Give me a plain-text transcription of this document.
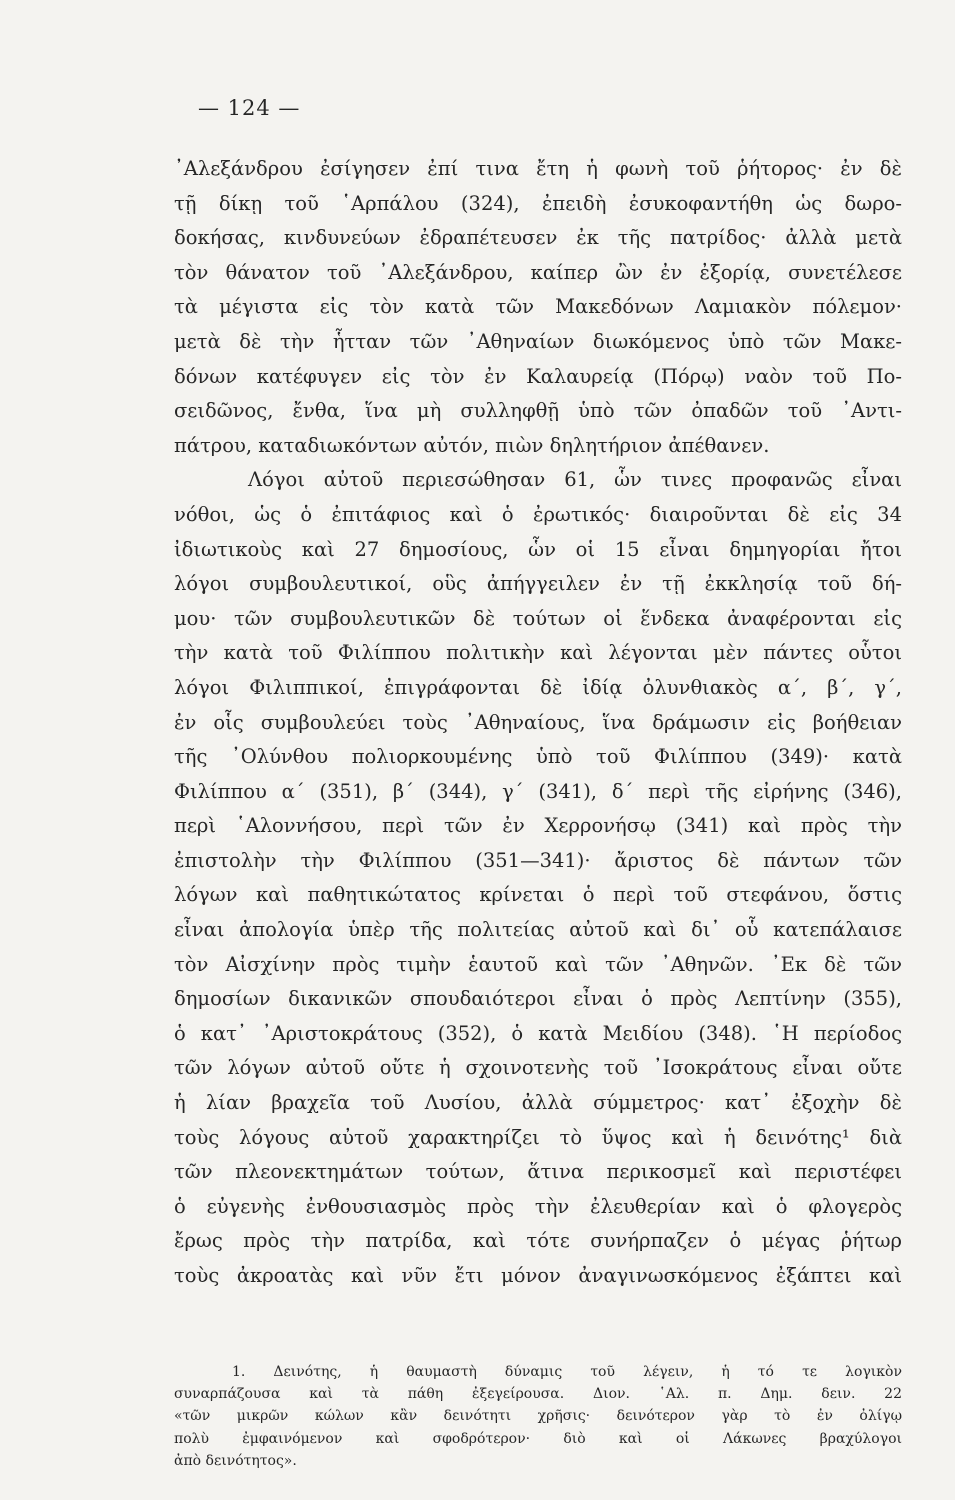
— 124 —
᾿Αλεξάνδρου ἐσίγησεν ἐπί τινα ἔτη ἡ φωνὴ τοῦ ῥήτορος· ἐν δὲ
τῇ δίκῃ τοῦ ῾Αρπάλου (324), ἐπειδὴ ἐσυκοφαντήθη ὡς δωρο-
δοκήσας, κινδυνεύων ἐδραπέτευσεν ἐκ τῆς πατρίδος· ἀλλὰ μετὰ
τὸν θάνατον τοῦ ᾿Αλεξάνδρου, καίπερ ὢν ἐν ἐξορίᾳ, συνετέλεσε
τὰ μέγιστα εἰς τὸν κατὰ τῶν Μακεδόνων Λαμιακὸν πόλεμον·
μετὰ δὲ τὴν ἧτταν τῶν ᾿Αθηναίων διωκόμενος ὑπὸ τῶν Μακε-
δόνων κατέφυγεν εἰς τὸν ἐν Καλαυρείᾳ (Πόρῳ) ναὸν τοῦ Πο-
σειδῶνος, ἔνθα, ἵνα μὴ συλληφθῇ ὑπὸ τῶν ὀπαδῶν τοῦ ᾿Αντι-
πάτρου, καταδιωκόντων αὐτόν, πιὼν δηλητήριον ἀπέθανεν.
Λόγοι αὐτοῦ περιεσώθησαν 61, ὧν τινες προφανῶς εἶναι
νόθοι, ὡς ὁ ἐπιτάφιος καὶ ὁ ἐρωτικός· διαιροῦνται δὲ εἰς 34
ἰδιωτικοὺς καὶ 27 δημοσίους, ὧν οἱ 15 εἶναι δημηγορίαι ἤτοι
λόγοι συμβουλευτικοί, οὓς ἀπήγγειλεν ἐν τῇ ἐκκλησίᾳ τοῦ δή-
μου· τῶν συμβουλευτικῶν δὲ τούτων οἱ ἕνδεκα ἀναφέρονται εἰς
τὴν κατὰ τοῦ Φιλίππου πολιτικὴν καὶ λέγονται μὲν πάντες οὗτοι
λόγοι Φιλιππικοί, ἐπιγράφονται δὲ ἰδίᾳ ὀλυνθιακὸς α΄, β΄, γ΄,
ἐν οἷς συμβουλεύει τοὺς ᾿Αθηναίους, ἵνα δράμωσιν εἰς βοήθειαν
τῆς ᾿Ολύνθου πολιορκουμένης ὑπὸ τοῦ Φιλίππου (349)· κατὰ
Φιλίππου α΄ (351), β΄ (344), γ΄ (341), δ΄ περὶ τῆς εἰρήνης (346),
περὶ ῾Αλοννήσου, περὶ τῶν ἐν Χερρονήσῳ (341) καὶ πρὸς τὴν
ἐπιστολὴν τὴν Φιλίππου (351—341)· ἄριστος δὲ πάντων τῶν
λόγων καὶ παθητικώτατος κρίνεται ὁ περὶ τοῦ στεφάνου, ὅστις
εἶναι ἀπολογία ὑπὲρ τῆς πολιτείας αὐτοῦ καὶ δι᾿ οὗ κατεπάλαισε
τὸν Αἰσχίνην πρὸς τιμὴν ἑαυτοῦ καὶ τῶν ᾿Αθηνῶν. ᾿Εκ δὲ τῶν
δημοσίων δικανικῶν σπουδαιότεροι εἶναι ὁ πρὸς Λεπτίνην (355),
ὁ κατ᾿ ᾿Αριστοκράτους (352), ὁ κατὰ Μειδίου (348). ῾Η περίοδος
τῶν λόγων αὐτοῦ οὔτε ἡ σχοινοτενὴς τοῦ ᾿Ισοκράτους εἶναι οὔτε
ἡ λίαν βραχεῖα τοῦ Λυσίου, ἀλλὰ σύμμετρος· κατ᾿ ἐξοχὴν δὲ
τοὺς λόγους αὐτοῦ χαρακτηρίζει τὸ ὕψος καὶ ἡ δεινότης¹ διὰ
τῶν πλεονεκτημάτων τούτων, ἅτινα περικοσμεῖ καὶ περιστέφει
ὁ εὐγενὴς ἐνθουσιασμὸς πρὸς τὴν ἐλευθερίαν καὶ ὁ φλογερὸς
ἔρως πρὸς τὴν πατρίδα, καὶ τότε συνήρπαζεν ὁ μέγας ῥήτωρ
τοὺς ἀκροατὰς καὶ νῦν ἔτι μόνον ἀναγινωσκόμενος ἐξάπτει καὶ
1. Δεινότης, ἡ θαυμαστὴ δύναμις τοῦ λέγειν, ἡ τό τε λογικὸν
συναρπάζουσα καὶ τὰ πάθη ἐξεγείρουσα. Διον. ῾Αλ. π. Δημ. δειν. 22
«τῶν μικρῶν κώλων κἂν δεινότητι χρῆσις· δεινότερον γὰρ τὸ ἐν ὀλίγῳ
πολὺ ἐμφαινόμενον καὶ σφοδρότερον· διὸ καὶ οἱ Λάκωνες βραχύλογοι
ἀπὸ δεινότητος».
